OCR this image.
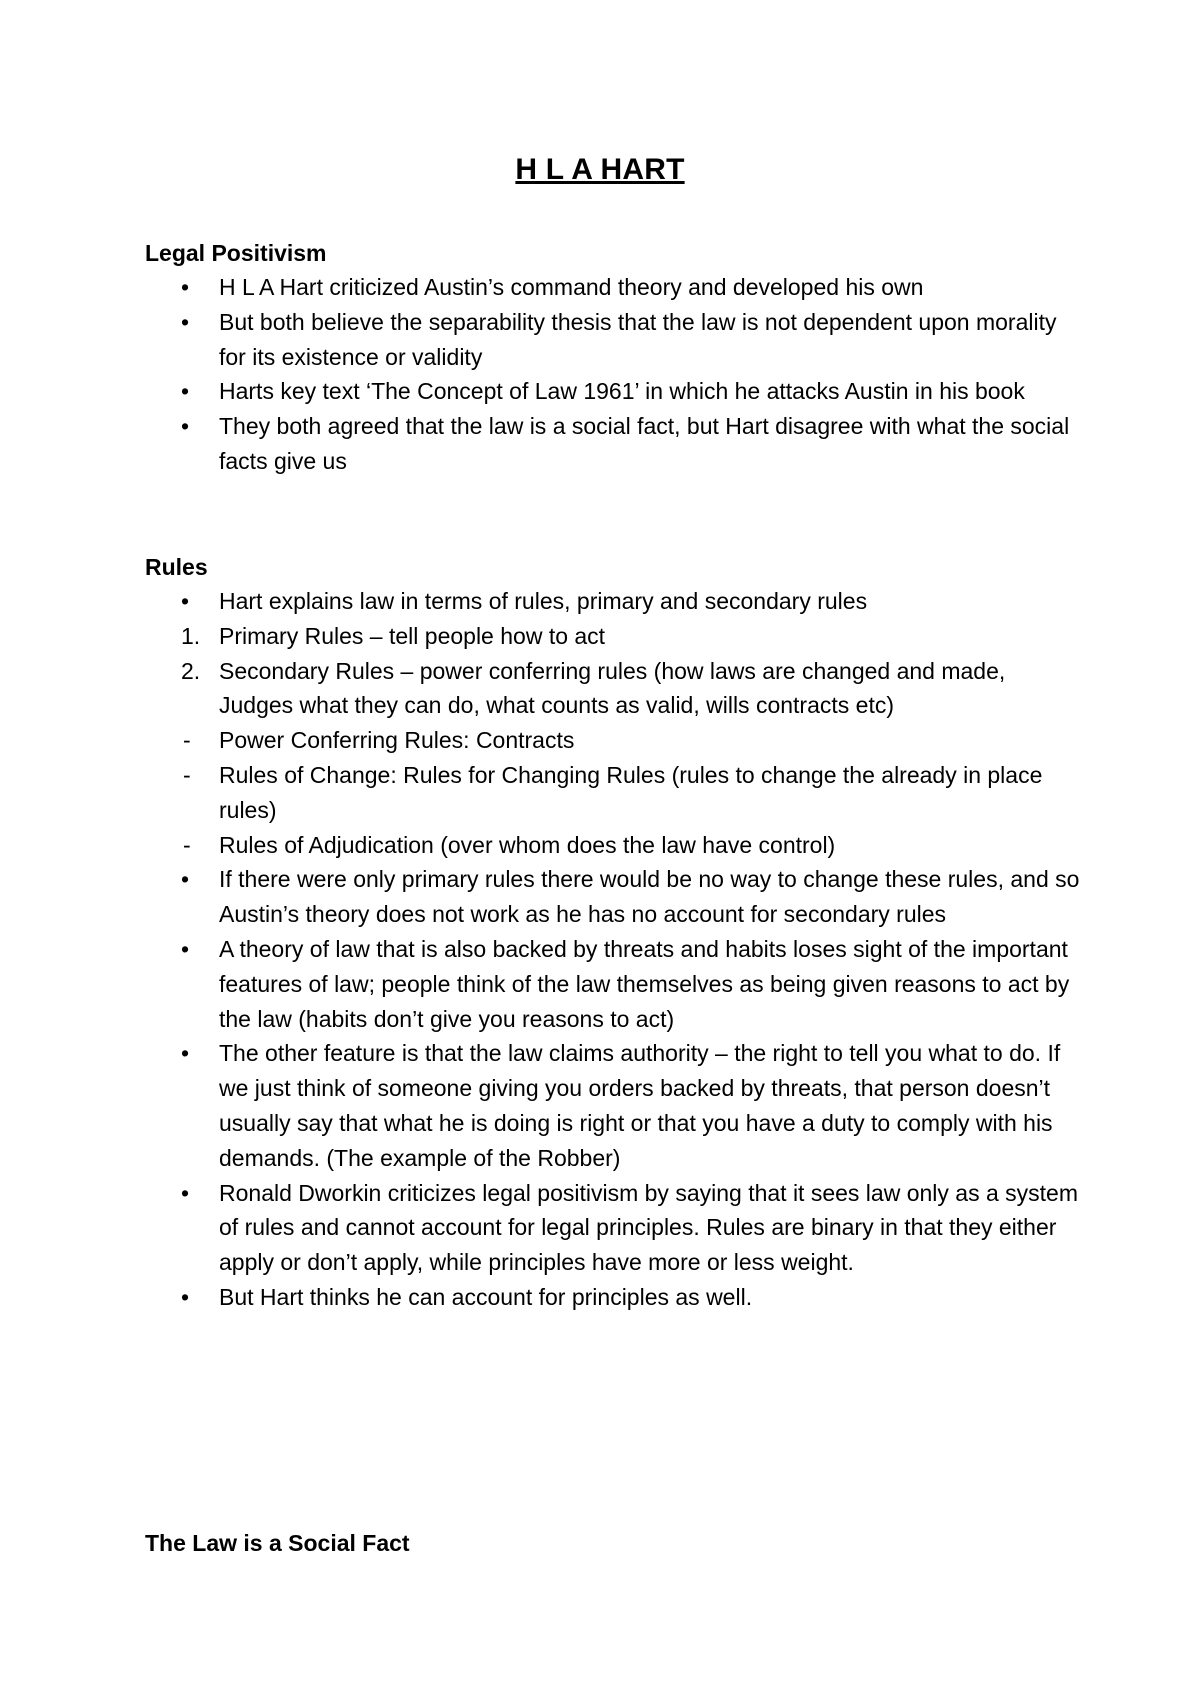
H L A HART
Legal Positivism
•	H L A Hart criticized Austin’s command theory and developed his own
•	But both believe the separability thesis that the law is not dependent upon morality for its existence or validity
•	Harts key text ‘The Concept of Law 1961’ in which he attacks Austin in his book
•	They both agreed that the law is a social fact, but Hart disagree with what the social facts give us
Rules
•	Hart explains law in terms of rules, primary and secondary rules
1. Primary Rules – tell people how to act
2. Secondary Rules – power conferring rules (how laws are changed and made, Judges what they can do, what counts as valid, wills contracts etc)
-	Power Conferring Rules: Contracts
-	Rules of Change: Rules for Changing Rules (rules to change the already in place rules)
-	Rules of Adjudication (over whom does the law have control)
•	If there were only primary rules there would be no way to change these rules, and so Austin’s theory does not work as he has no account for secondary rules
•	A theory of law that is also backed by threats and habits loses sight of the important features of law; people think of the law themselves as being given reasons to act by the law (habits don’t give you reasons to act)
•	The other feature is that the law claims authority – the right to tell you what to do. If we just think of someone giving you orders backed by threats, that person doesn’t usually say that what he is doing is right or that you have a duty to comply with his demands. (The example of the Robber)
•	Ronald Dworkin criticizes legal positivism by saying that it sees law only as a system of rules and cannot account for legal principles. Rules are binary in that they either apply or don’t apply, while principles have more or less weight.
•	But Hart thinks he can account for principles as well.
The Law is a Social Fact
